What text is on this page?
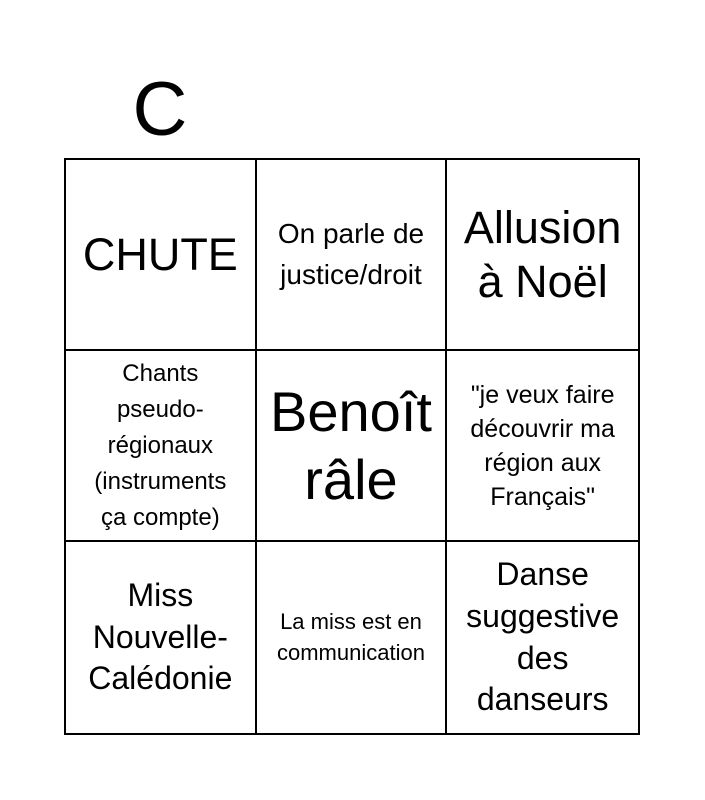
C
CHUTE	On parle de justice/droit
Allusion à Noël
Chants pseudo-régionaux (instruments ça compte)
Benoît râle
"je veux faire découvrir ma région aux Français"
Miss Nouvelle-Calédonie
La miss est en communication
Danse suggestive des danseurs
